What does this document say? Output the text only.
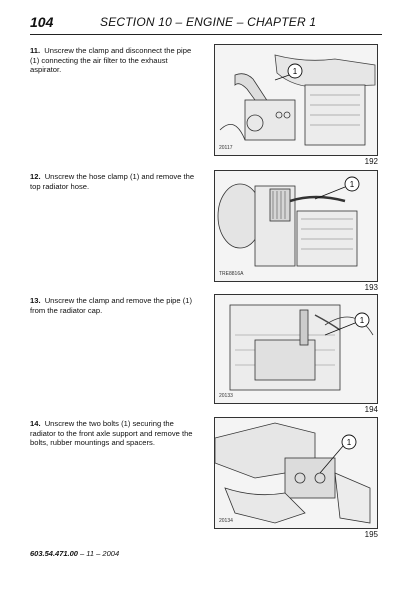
104	SECTION 10 – ENGINE – CHAPTER 1
11. Unscrew the clamp and disconnect the pipe (1) connecting the air filter to the exhaust aspirator.	1
20117
192
12. Unscrew the hose clamp (1) and remove the top radiator hose.	1
TRE8816A
193
13. Unscrew the clamp and remove the pipe (1) from the radiator cap.
1
20133
194
14. Unscrew the two bolts (1) securing the radiator to the front axle support and remove the bolts, rubber mountings and spacers.	1
20134
195
603.54.471.00 – 11 – 2004
